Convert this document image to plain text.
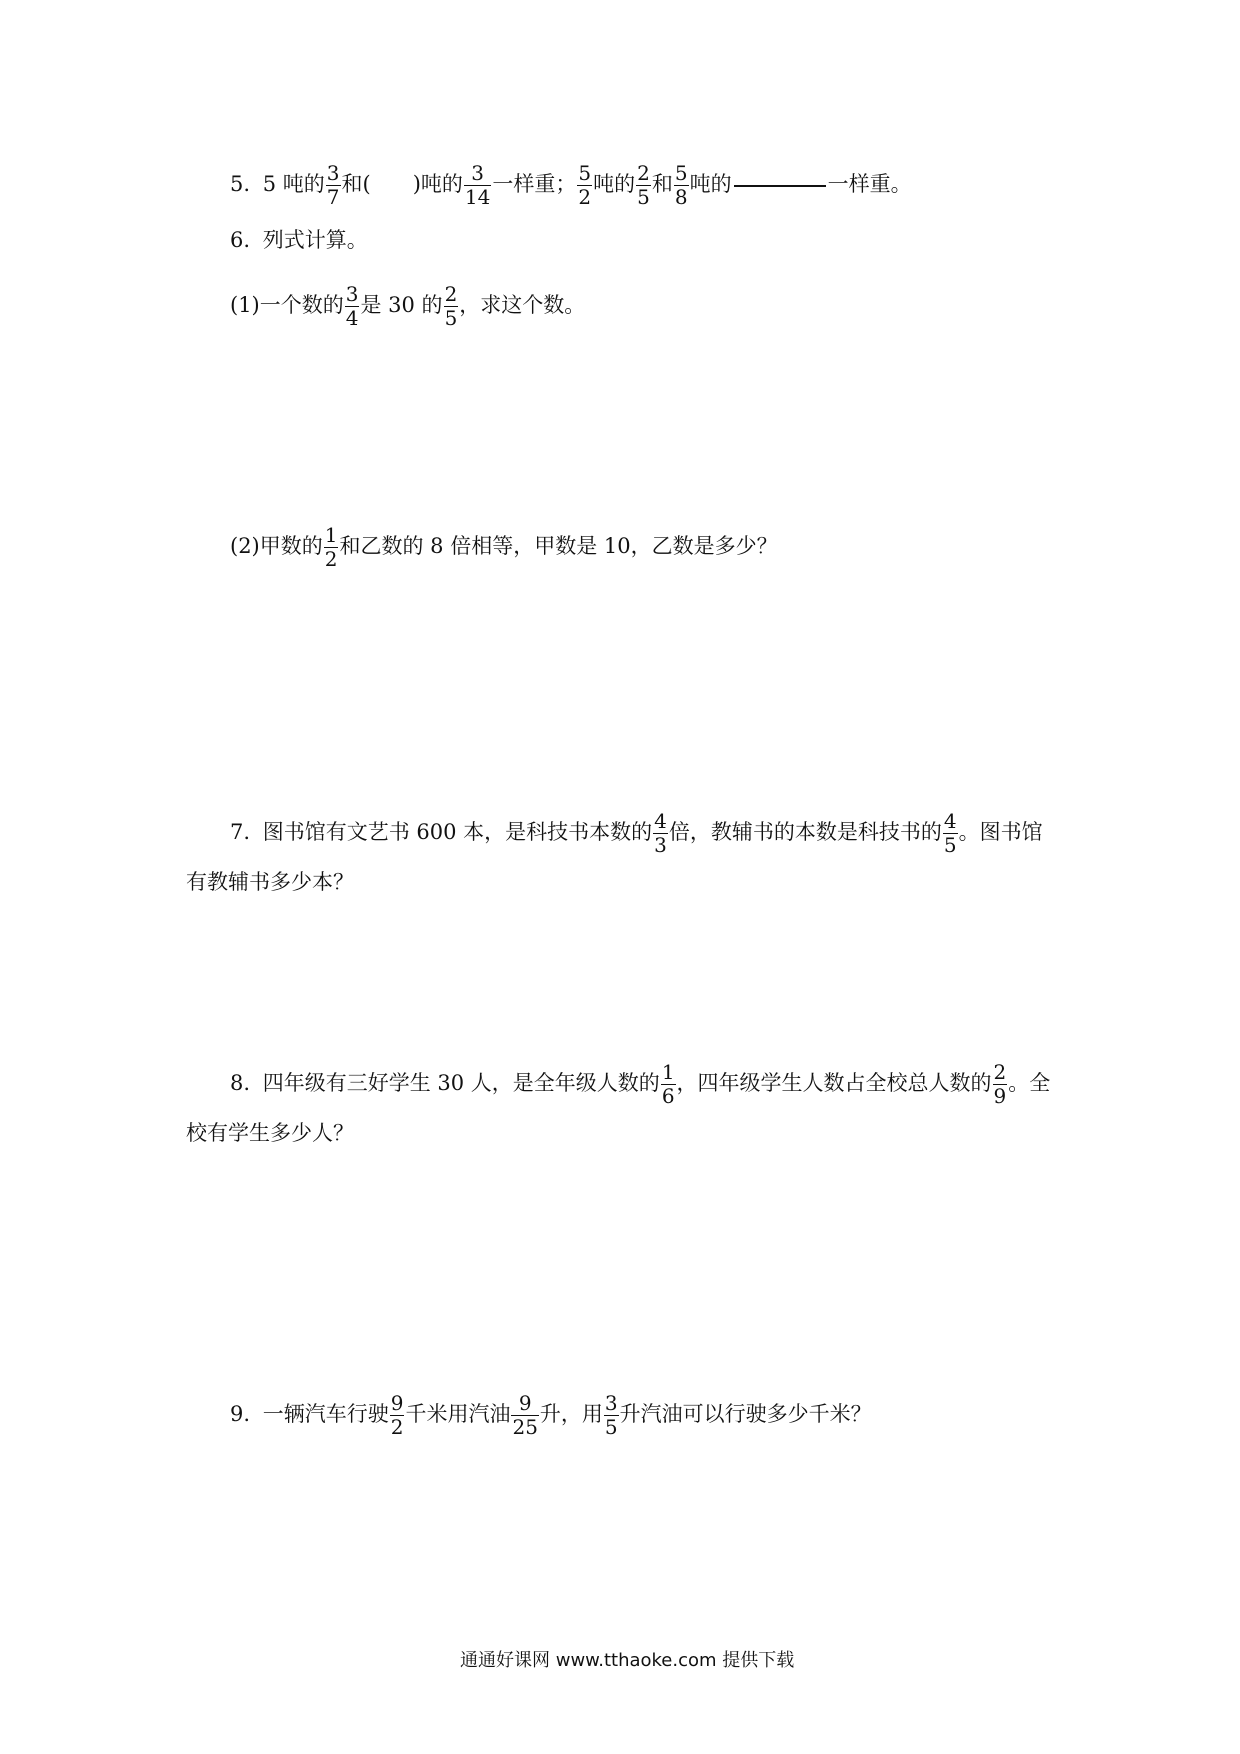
5. 5 吨的 $\frac{3}{7}$ 和( )吨的 $\frac{3}{14}$ 一样重； $\frac{5}{2}$ 吨的 $\frac{2}{5}$ 和 $\frac{5}{8}$ 吨的	一样重。
6. 列式计算。
(1)一个数的 $\frac{3}{4}$ 是 30 的 $\frac{2}{5}$ ，求这个数。
(2)甲数的 $\frac{1}{2}$ 和乙数的 8 倍相等，甲数是 10，乙数是多少？
7. 图书馆有文艺书 600 本，是科技书本数的 $\frac{4}{3}$ 倍，教辅书的本数是科技书的 $\frac{4}{5}$ 。图书馆
有教辅书多少本？
8. 四年级有三好学生 30 人，是全年级人数的 $\frac{1}{6}$ ，四年级学生人数占全校总人数的 $\frac{2}{9}$ 。全
校有学生多少人？
9. 一辆汽车行驶 $\frac{9}{2}$ 千米用汽油 $\frac{9}{25}$ 升，用 $\frac{3}{5}$ 升汽油可以行驶多少千米？
通通好课网 www.tthaoke.com 提供下载
